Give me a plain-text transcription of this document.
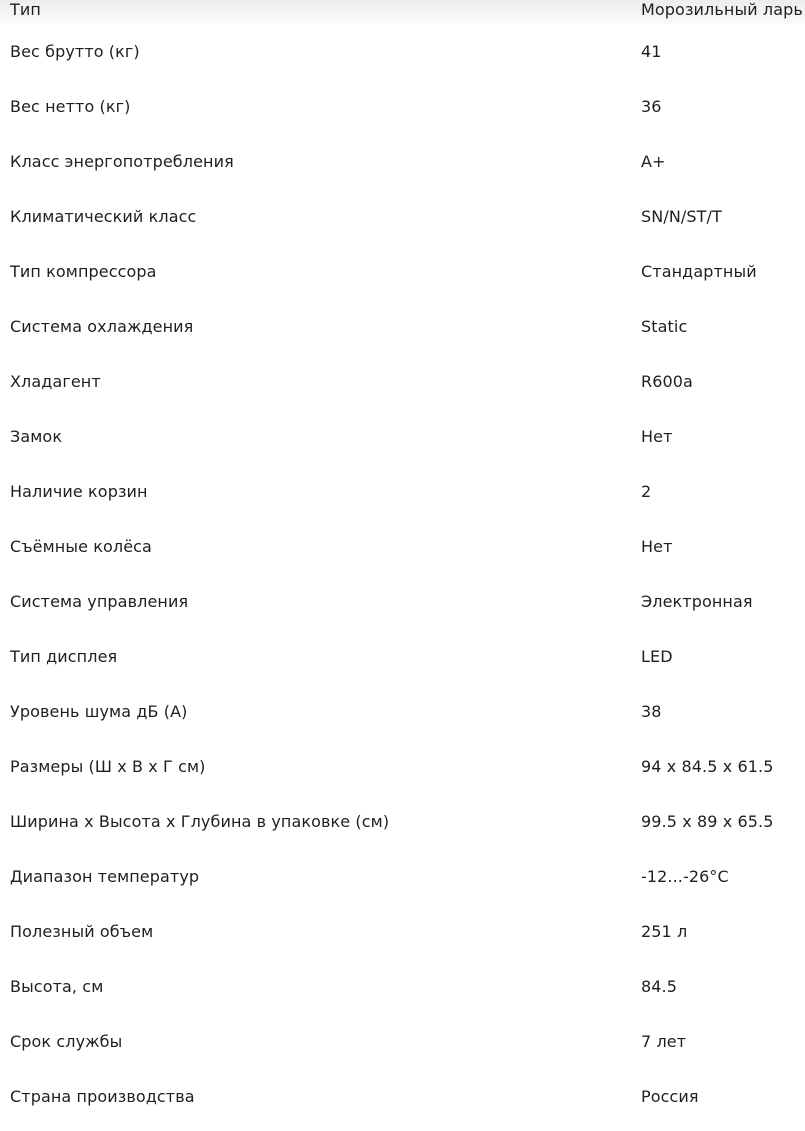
Тип	Морозильный ларь
Вес брутто (кг)	41
Вес нетто (кг)	36
Класс энергопотребления	A+
Климатический класс	SN/N/ST/T
Тип компрессора	Стандартный
Система охлаждения	Static
Хладагент	R600a
Замок	Нет
Наличие корзин	2
Съёмные колёса	Нет
Система управления	Электронная
Тип дисплея	LED
Уровень шума дБ (A)	38
Размеры (Ш x В x Г см)	94 x 84.5 x 61.5
Ширина x Высота x Глубина в упаковке (см)	99.5 x 89 x 65.5
Диапазон температур	-12...-26°C
Полезный объем	251 л
Высота, см	84.5
Срок службы	7 лет
Страна производства	Россия
